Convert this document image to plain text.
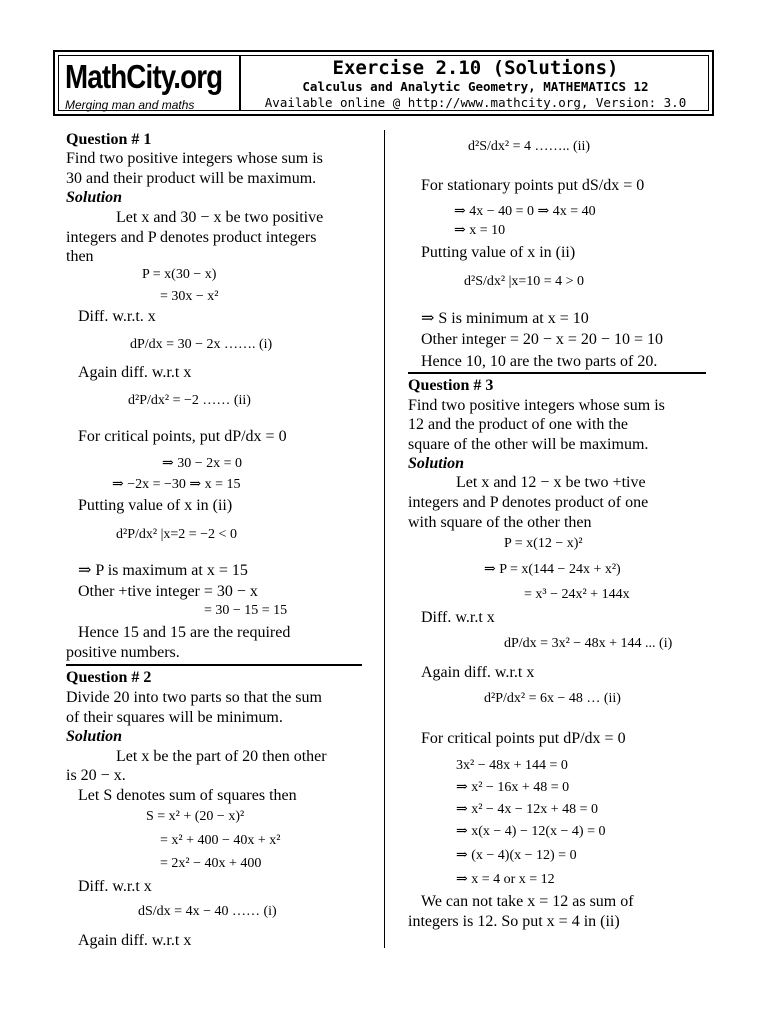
MathCity.org
Merging man and maths
Exercise 2.10 (Solutions)
Calculus and Analytic Geometry, MATHEMATICS 12
Available online @ http://www.mathcity.org, Version: 3.0
Question # 1
Find two positive integers whose sum is
30 and their product will be maximum.
Solution
Let x and 30 − x be two positive
integers and P denotes product integers
then
P = x(30 − x)
= 30x − x²
Diff. w.r.t. x
dP/dx = 30 − 2x ……. (i)
Again diff. w.r.t x
d²P/dx² = −2 …… (ii)
For critical points, put dP/dx = 0
⇒ 30 − 2x = 0
⇒ −2x = −30 ⇒ x = 15
Putting value of x in (ii)
d²P/dx² |x=2 = −2 < 0
⇒ P is maximum at x = 15
Other +tive integer = 30 − x
= 30 − 15 = 15
Hence 15 and 15 are the required
positive numbers.
Question # 2
Divide 20 into two parts so that the sum
of their squares will be minimum.
Solution
Let x be the part of 20 then other
is 20 − x.
Let S denotes sum of squares then
S = x² + (20 − x)²
= x² + 400 − 40x + x²
= 2x² − 40x + 400
Diff. w.r.t x
dS/dx = 4x − 40 …… (i)
Again diff. w.r.t x
d²S/dx² = 4 …….. (ii)
For stationary points put dS/dx = 0
⇒ 4x − 40 = 0 ⇒ 4x = 40
⇒ x = 10
Putting value of x in (ii)
d²S/dx² |x=10 = 4 > 0
⇒ S is minimum at x = 10
Other integer = 20 − x = 20 − 10 = 10
Hence 10, 10 are the two parts of 20.
Question # 3
Find two positive integers whose sum is
12 and the product of one with the
square of the other will be maximum.
Solution
Let x and 12 − x be two +tive
integers and P denotes product of one
with square of the other then
P = x(12 − x)²
⇒ P = x(144 − 24x + x²)
= x³ − 24x² + 144x
Diff. w.r.t x
dP/dx = 3x² − 48x + 144 ... (i)
Again diff. w.r.t x
d²P/dx² = 6x − 48 … (ii)
For critical points put dP/dx = 0
3x² − 48x + 144 = 0
⇒ x² − 16x + 48 = 0
⇒ x² − 4x − 12x + 48 = 0
⇒ x(x − 4) − 12(x − 4) = 0
⇒ (x − 4)(x − 12) = 0
⇒ x = 4 or x = 12
We can not take x = 12 as sum of
integers is 12. So put x = 4 in (ii)
